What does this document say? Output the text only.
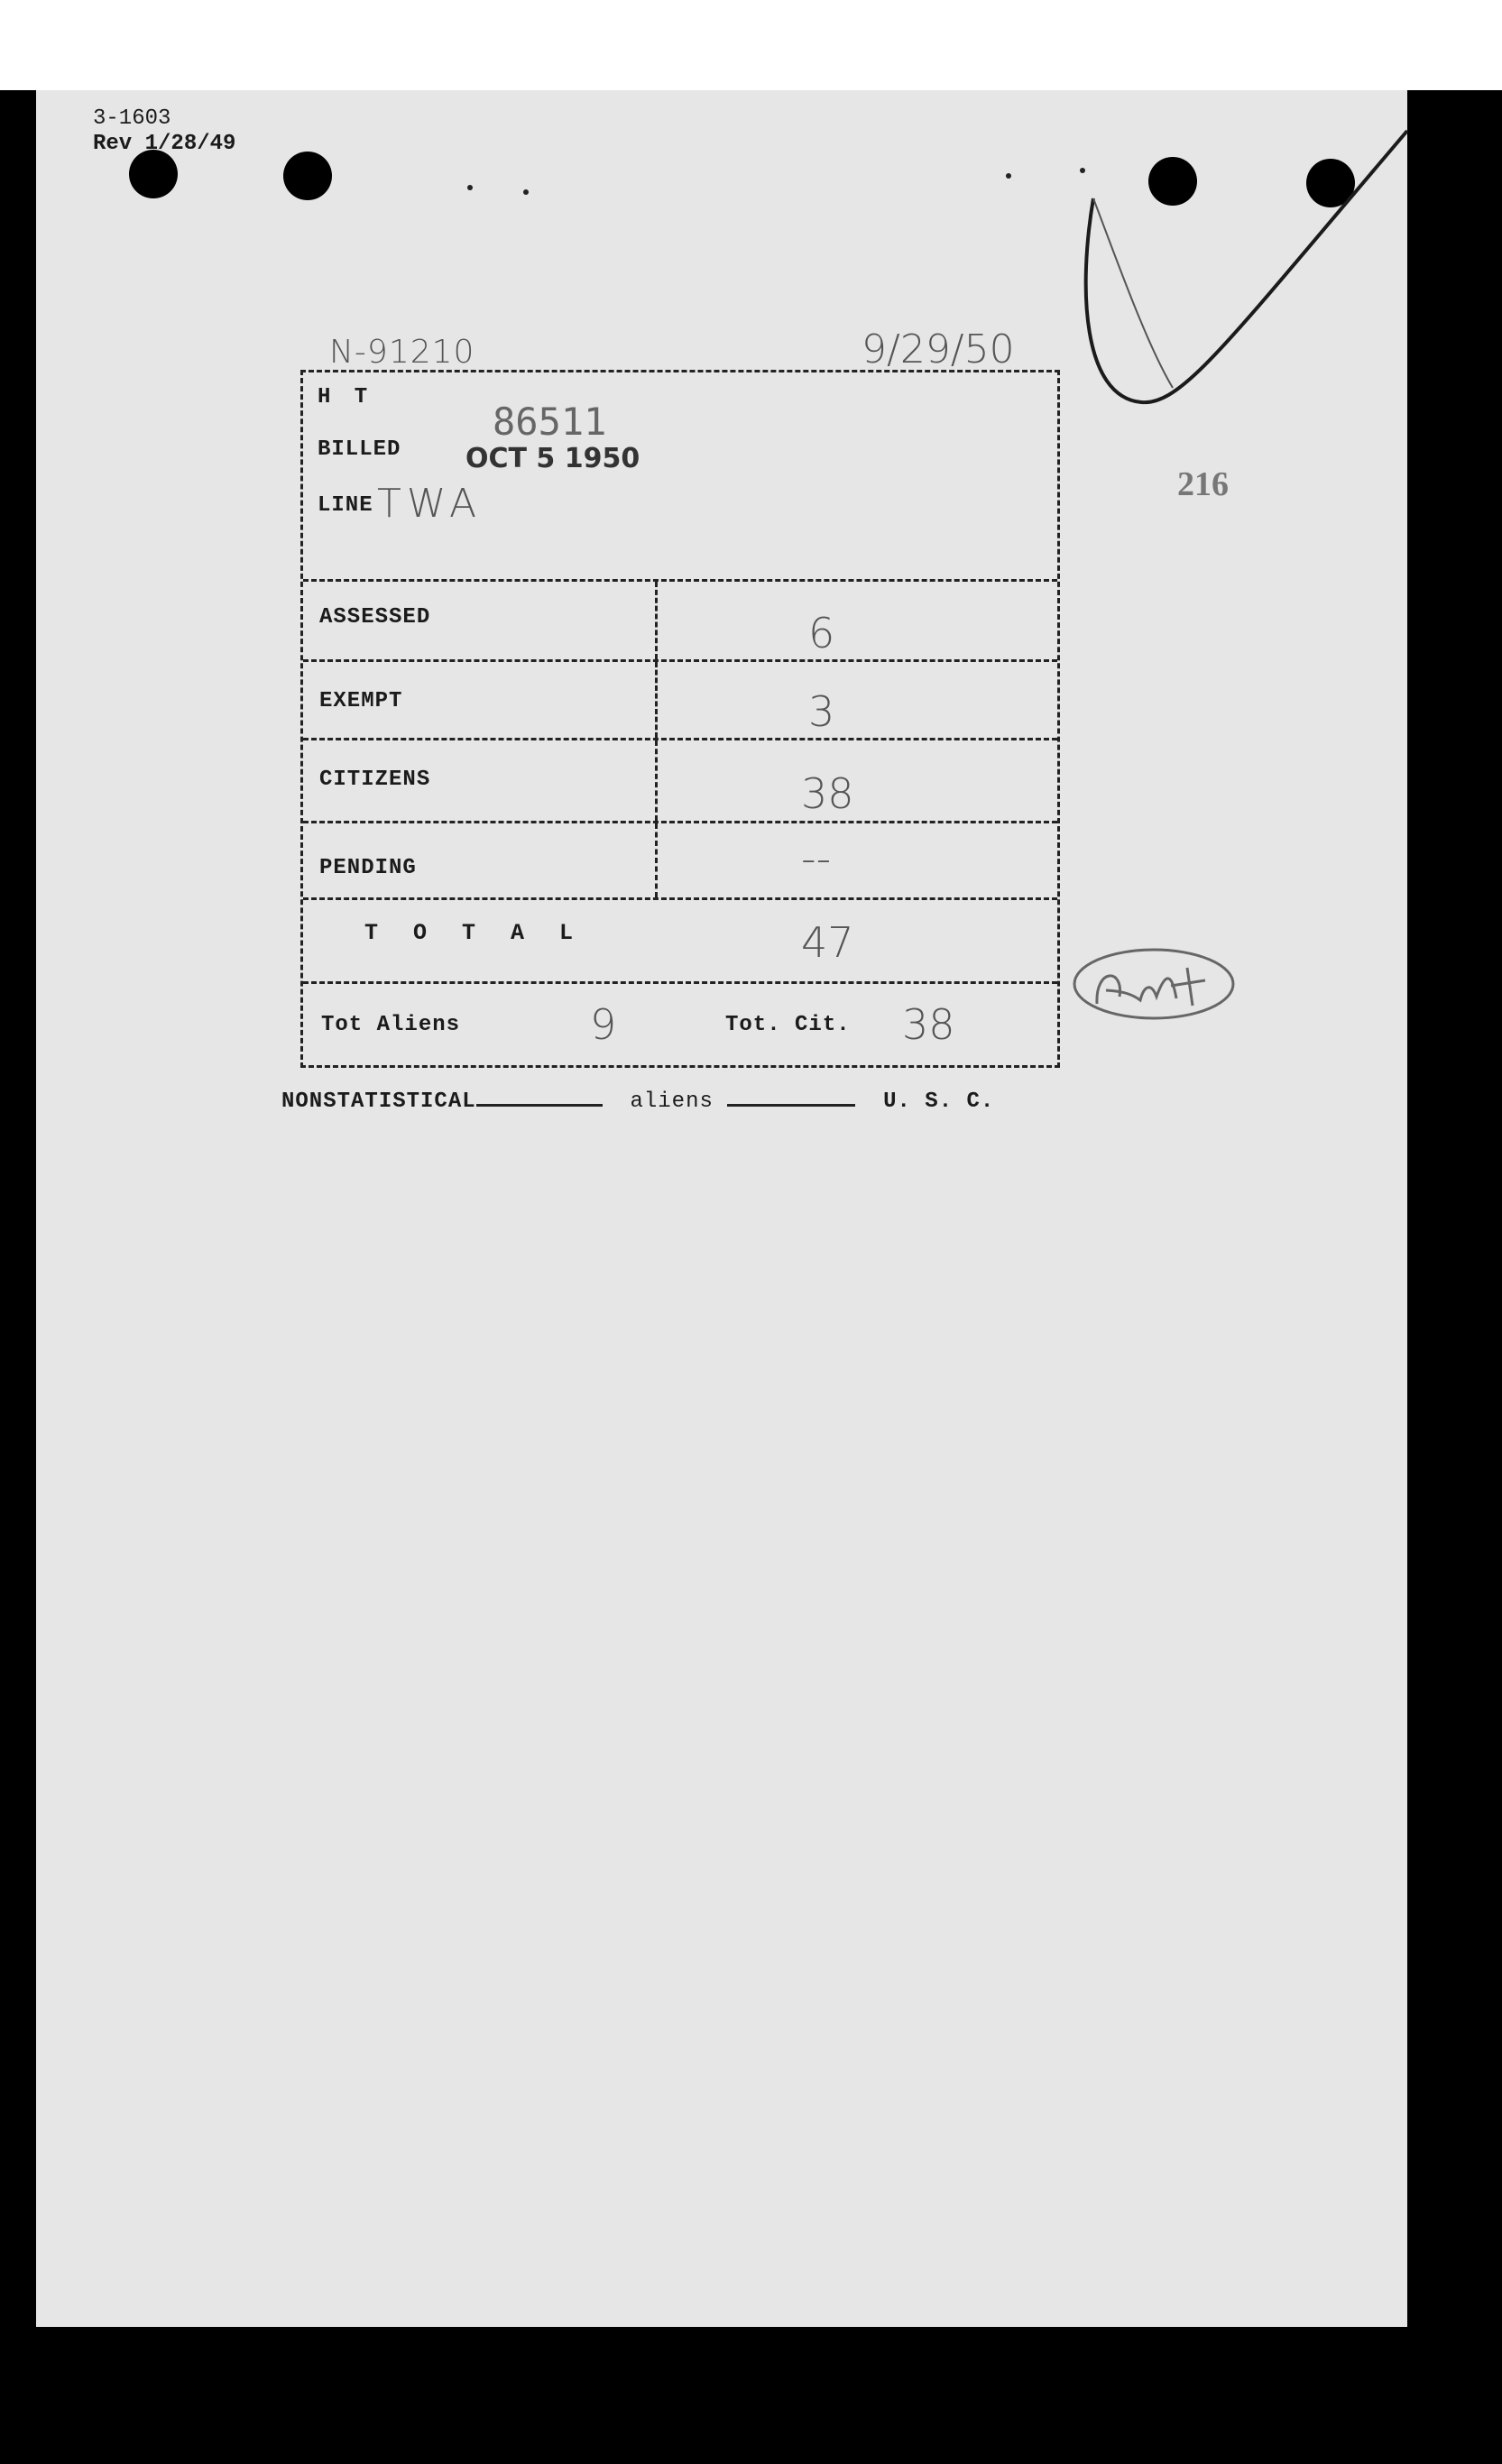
3-1603
Rev 1/28/49
N-91210	9/29/50
216
H T
BILLED
86511
OCT 5 1950
LINE TWA
ASSESSED	6
EXEMPT	3
CITIZENS	38
PENDING	--
T O T A L	47
Tot Aliens	9	Tot. Cit. 38
NONSTATISTICAL	aliens	U. S. C.
